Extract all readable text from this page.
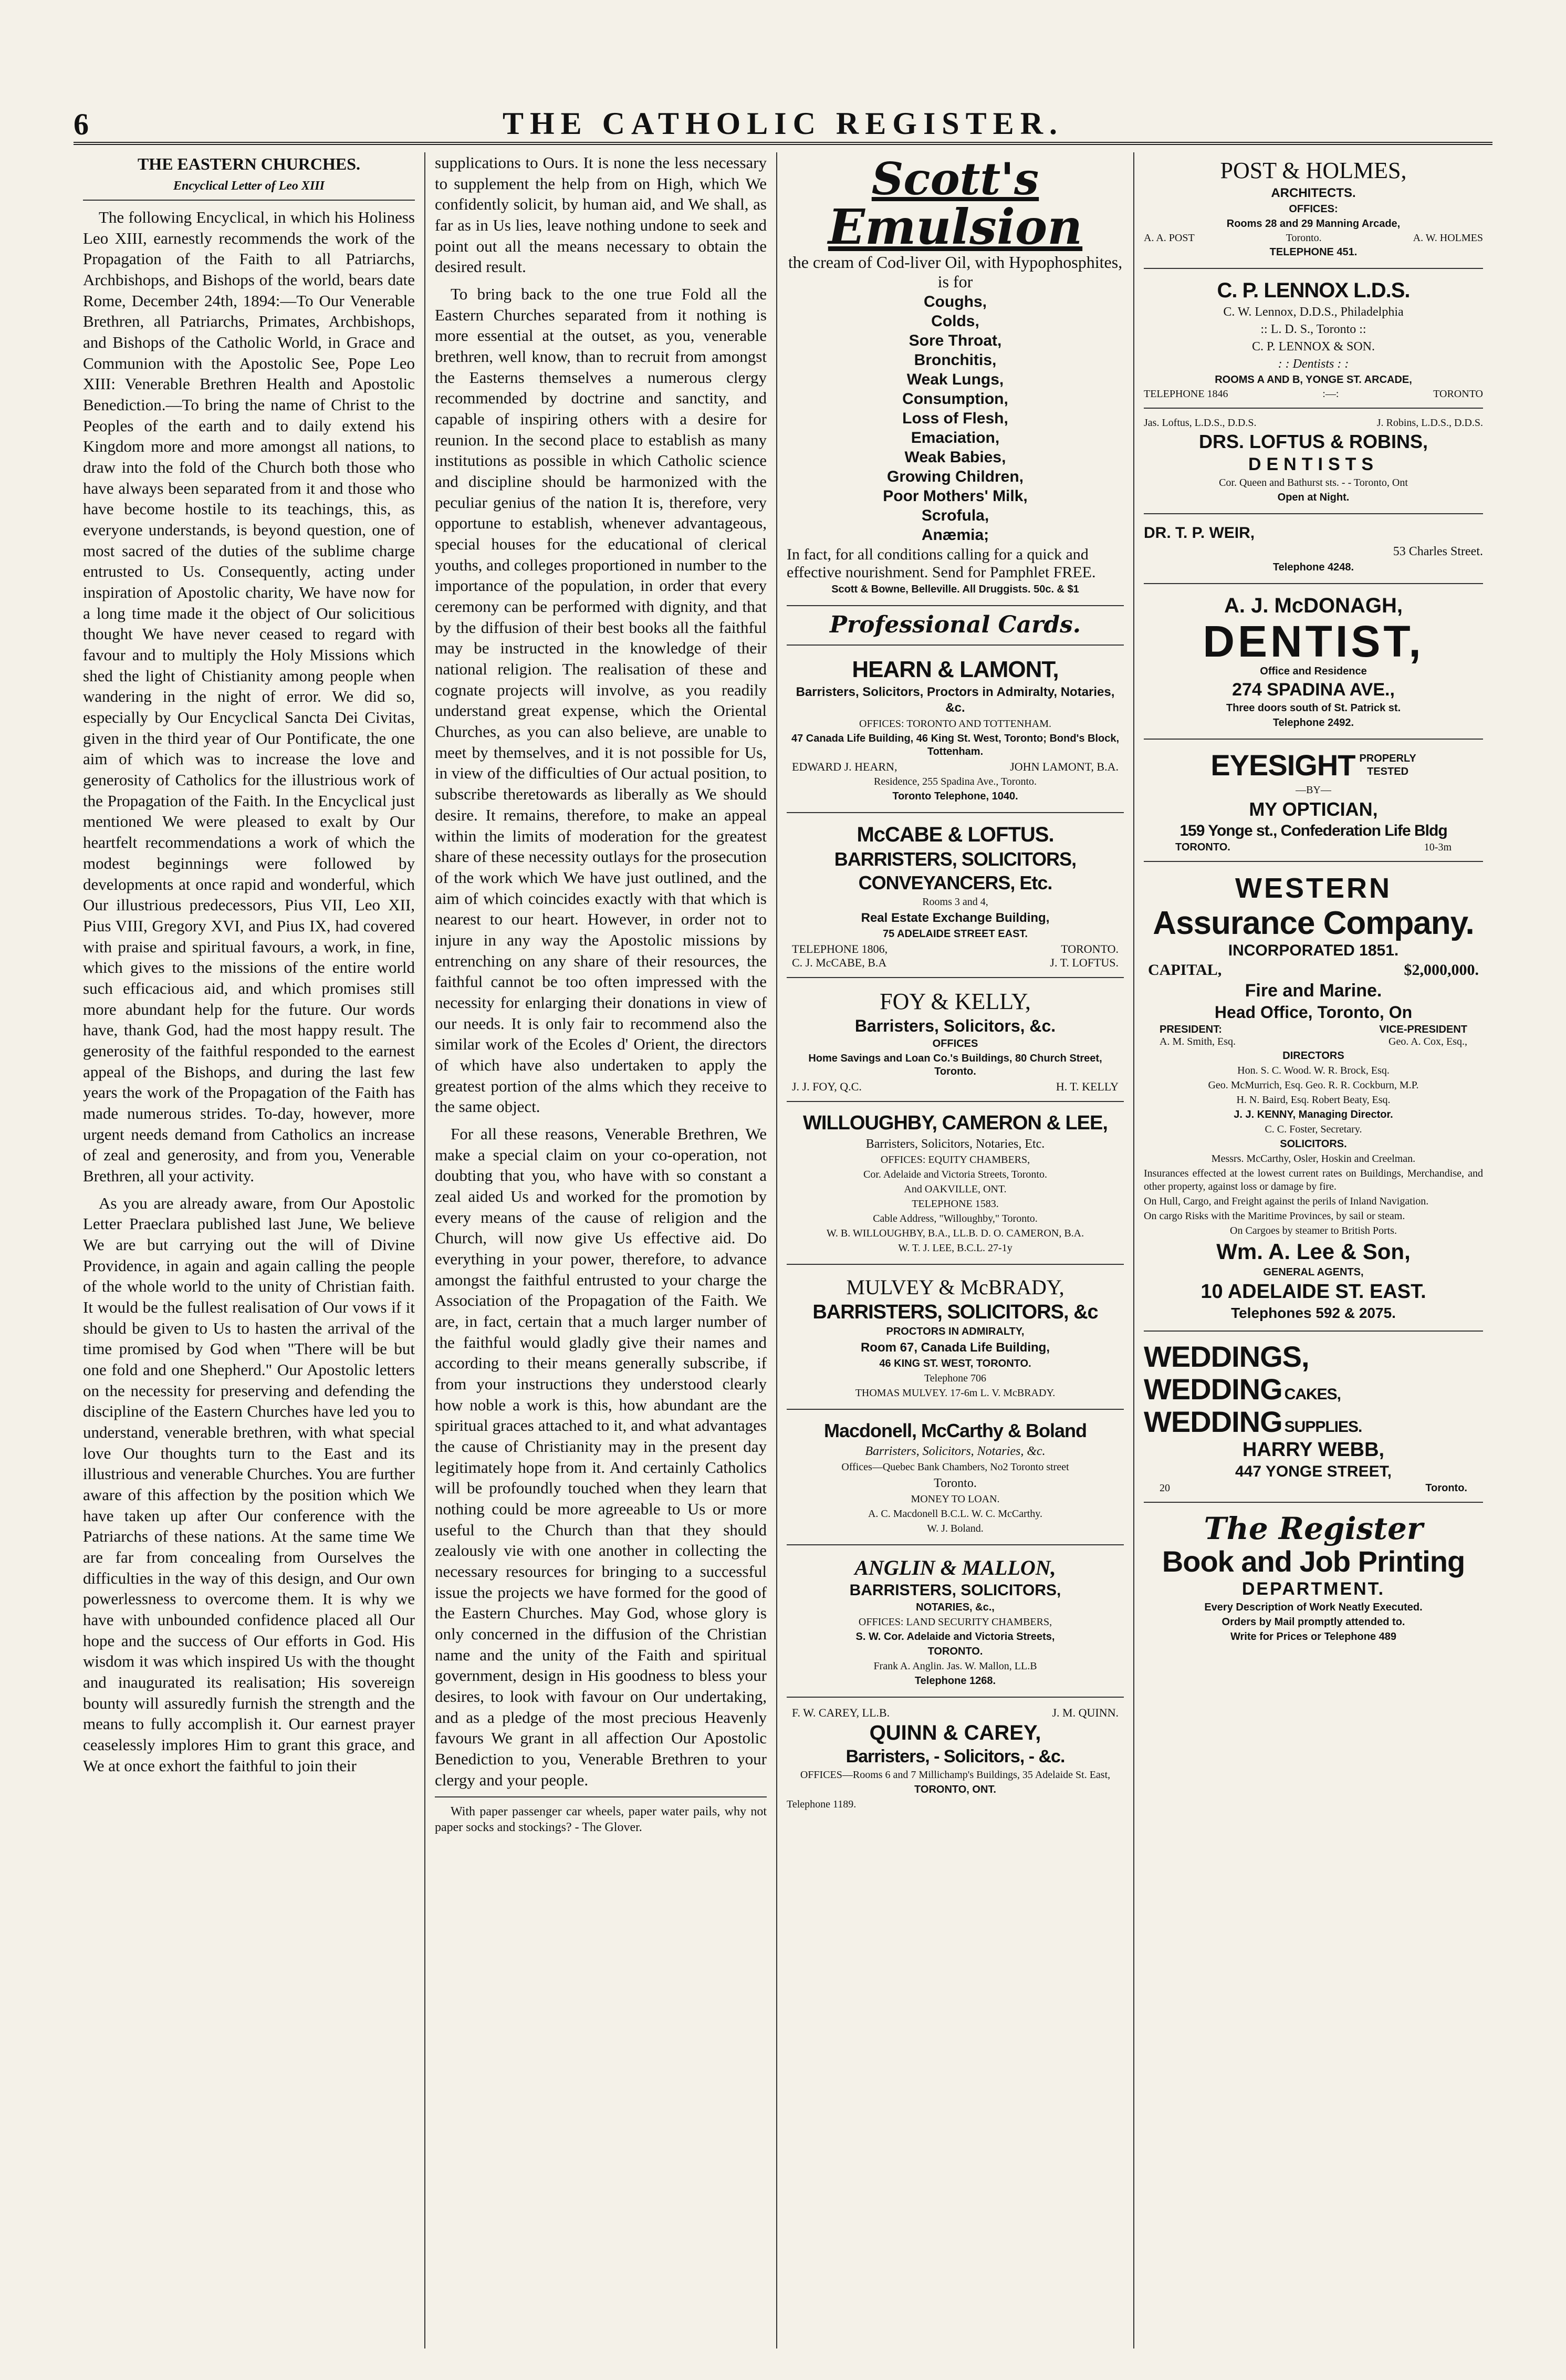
6	THE CATHOLIC REGISTER.
THE EASTERN CHURCHES.
Encyclical Letter of Leo XIII

The following Encyclical, in which his Holiness Leo XIII, earnestly recommends the work of the Propagation of the Faith to all Patriarchs, Archbishops, and Bishops of the world, bears date Rome, December 24th, 1894:—To Our Venerable Brethren, all Patriarchs, Primates, Archbishops, and Bishops of the Catholic World, in Grace and Communion with the Apostolic See, Pope Leo XIII: Venerable Brethren Health and Apostolic Benediction.—To bring the name of Christ to the Peoples of the earth and to daily extend his Kingdom more and more amongst all nations, to draw into the fold of the Church both those who have always been separated from it and those who have become hostile to its teachings, this, as everyone understands, is beyond question, one of most sacred of the duties of the sublime charge entrusted to Us. Consequently, acting under inspiration of Apostolic charity, We have now for a long time made it the object of Our solicitious thought We have never ceased to regard with favour and to multiply the Holy Missions which shed the light of Chistianity among people when wandering in the night of error. We did so, especially by Our Encyclical Sancta Dei Civitas, given in the third year of Our Pontificate, the one aim of which was to increase the love and generosity of Catholics for the illustrious work of the Propagation of the Faith. In the Encyclical just mentioned We were pleased to exalt by Our heartfelt recommendations a work of which the modest beginnings were followed by developments at once rapid and wonderful, which Our illustrious predecessors, Pius VII, Leo XII, Pius VIII, Gregory XVI, and Pius IX, had covered with praise and spiritual favours, a work, in fine, which gives to the missions of the entire world such efficacious aid, and which promises still more abundant help for the future. Our words have, thank God, had the most happy result. The generosity of the faithful responded to the earnest appeal of the Bishops, and during the last few years the work of the Propagation of the Faith has made numerous strides. To-day, however, more urgent needs demand from Catholics an increase of zeal and generosity, and from you, Venerable Brethren, all your activity.

As you are already aware, from Our Apostolic Letter Praeclara published last June, We believe We are but carrying out the will of Divine Providence, in again and again calling the people of the whole world to the unity of Christian faith. It would be the fullest realisation of Our vows if it should be given to Us to hasten the arrival of the time promised by God when "There will be but one fold and one Shepherd." Our Apostolic letters on the necessity for preserving and defending the discipline of the Eastern Churches have led you to understand, venerable brethren, with what special love Our thoughts turn to the East and its illustrious and venerable Churches. You are further aware of this affection by the position which We have taken up after Our conference with the Patriarchs of these nations. At the same time We are far from concealing from Ourselves the difficulties in the way of this design, and Our own powerlessness to overcome them. It is why we have with unbounded confidence placed all Our hope and the success of Our efforts in God. His wisdom it was which inspired Us with the thought and inaugurated its realisation; His sovereign bounty will assuredly furnish the strength and the means to fully accomplish it. Our earnest prayer ceaselessly implores Him to grant this grace, and We at once exhort the faithful to join their

supplications to Ours. It is none the less necessary to supplement the help from on High, which We confidently solicit, by human aid, and We shall, as far as in Us lies, leave nothing undone to seek and point out all the means necessary to obtain the desired result.

To bring back to the one true Fold all the Eastern Churches separated from it nothing is more essential at the outset, as you, venerable brethren, well know, than to recruit from amongst the Easterns themselves a numerous clergy recommended by doctrine and sanctity, and capable of inspiring others with a desire for reunion. In the second place to establish as many institutions as possible in which Catholic science and discipline should be harmonized with the peculiar genius of the nation It is, therefore, very opportune to establish, whenever advantageous, special houses for the educational of clerical youths, and colleges proportioned in number to the importance of the population, in order that every ceremony can be performed with dignity, and that by the diffusion of their best books all the faithful may be instructed in the knowledge of their national religion. The realisation of these and cognate projects will involve, as you readily understand great expense, which the Oriental Churches, as you can also believe, are unable to meet by themselves, and it is not possible for Us, in view of the difficulties of Our actual position, to subscribe theretowards as liberally as We should desire. It remains, therefore, to make an appeal within the limits of moderation for the greatest share of these necessity outlays for the prosecution of the work which We have just outlined, and the aim of which coincides exactly with that which is nearest to our heart. However, in order not to injure in any way the Apostolic missions by entrenching on any share of their resources, the faithful cannot be too often impressed with the necessity for enlarging their donations in view of our needs. It is only fair to recommend also the similar work of the Ecoles d' Orient, the directors of which have also undertaken to apply the greatest portion of the alms which they receive to the same object.

For all these reasons, Venerable Brethren, We make a special claim on your co-operation, not doubting that you, who have with so constant a zeal aided Us and worked for the promotion by every means of the cause of religion and the Church, will now give Us effective aid. Do everything in your power, therefore, to advance amongst the faithful entrusted to your charge the Association of the Propagation of the Faith. We are, in fact, certain that a much larger number of the faithful would gladly give their names and according to their means generally subscribe, if from your instructions they understood clearly how noble a work is this, how abundant are the spiritual graces attached to it, and what advantages the cause of Christianity may in the present day legitimately hope from it. And certainly Catholics will be profoundly touched when they learn that nothing could be more agreeable to Us or more useful to the Church than that they should zealously vie with one another in collecting the necessary resources for bringing to a successful issue the projects we have formed for the good of the Eastern Churches. May God, whose glory is only concerned in the diffusion of the Christian name and the unity of the Faith and spiritual government, design in His goodness to bless your desires, to look with favour on Our undertaking, and as a pledge of the most precious Heavenly favours We grant in all affection Our Apostolic Benediction to you, Venerable Brethren to your clergy and your people.

With paper passenger car wheels, paper water pails, why not paper socks and stockings? - The Glover.

Scott's

Emulsion

the cream of Cod-liver Oil, with Hypophosphites, is for

Coughs,

Colds,

Sore Throat,

Bronchitis,

Weak Lungs,

Consumption,

Loss of Flesh,

Emaciation,

Weak Babies,

Growing Children,

Poor Mothers' Milk,

Scrofula,

Anæmia;

In fact, for all conditions calling for a quick and effective nourishment. Send for Pamphlet FREE.

Scott & Bowne, Belleville. All Druggists. 50c. & $1

Professional Cards.

HEARN & LAMONT,

Barristers, Solicitors, Proctors in Admiralty, Notaries, &c.

OFFICES: TORONTO AND TOTTENHAM.

47 Canada Life Building, 46 King St. West, Toronto; Bond's Block, Tottenham.

EDWARD J. HEARN,	JOHN LAMONT, B.A.

Residence, 255 Spadina Ave., Toronto.

Toronto Telephone, 1040.

McCABE & LOFTUS.

BARRISTERS, SOLICITORS,

CONVEYANCERS, Etc.

Rooms 3 and 4,

Real Estate Exchange Building,

75 ADELAIDE STREET EAST.

TELEPHONE 1806,	TORONTO.
C. J. McCABE, B.A	J. T. LOFTUS.

FOY & KELLY,

Barristers, Solicitors, &c.

OFFICES

Home Savings and Loan Co.'s Buildings, 80 Church Street, Toronto.

J. J. FOY, Q.C.	H. T. KELLY

WILLOUGHBY, CAMERON & LEE,

Barristers, Solicitors, Notaries, Etc.

OFFICES: EQUITY CHAMBERS,

Cor. Adelaide and Victoria Streets, Toronto.

And OAKVILLE, ONT.

TELEPHONE 1583.

Cable Address, "Willoughby," Toronto.

W. B. WILLOUGHBY, B.A., LL.B. D. O. CAMERON, B.A.

W. T. J. LEE, B.C.L. 27-1y

MULVEY & McBRADY,

BARRISTERS, SOLICITORS, &c

PROCTORS IN ADMIRALTY,

Room 67, Canada Life Building,

46 KING ST. WEST, TORONTO.

Telephone 706

THOMAS MULVEY. 17-6m L. V. McBRADY.

Macdonell, McCarthy & Boland

Barristers, Solicitors, Notaries, &c.

Offices—Quebec Bank Chambers, No2 Toronto street

Toronto.

MONEY TO LOAN.

A. C. Macdonell B.C.L. W. C. McCarthy.

W. J. Boland.

ANGLIN & MALLON,

BARRISTERS, SOLICITORS,

NOTARIES, &c.,

OFFICES: LAND SECURITY CHAMBERS,

S. W. Cor. Adelaide and Victoria Streets,

TORONTO.

Frank A. Anglin. Jas. W. Mallon, LL.B

Telephone 1268.

F. W. CAREY, LL.B.	J. M. QUINN.

QUINN & CAREY,

Barristers, - Solicitors, - &c.

OFFICES—Rooms 6 and 7 Millichamp's Buildings, 35 Adelaide St. East,

TORONTO, ONT.

Telephone 1189.

POST & HOLMES,

ARCHITECTS.

OFFICES:

Rooms 28 and 29 Manning Arcade,

A. A. POST	Toronto.	A. W. HOLMES

TELEPHONE 451.

C. P. LENNOX L.D.S.

C. W. Lennox, D.D.S., Philadelphia

:: L. D. S., Toronto ::

C. P. LENNOX & SON.

: : Dentists : :

ROOMS A AND B, YONGE ST. ARCADE,

TELEPHONE 1846	:—:	TORONTO
Jas. Loftus, L.D.S., D.D.S.	J. Robins, L.D.S., D.D.S.

DRS. LOFTUS & ROBINS,

DENTISTS

Cor. Queen and Bathurst sts. - - Toronto, Ont

Open at Night.

DR. T. P. WEIR,

53 Charles Street.

Telephone 4248.

A. J. McDONAGH,

DENTIST,

Office and Residence

274 SPADINA AVE.,

Three doors south of St. Patrick st.

Telephone 2492.

EYESIGHT PROPERLY
TESTED

—BY—

MY OPTICIAN,

159 Yonge st., Confederation Life Bldg

TORONTO.	10-3m

WESTERN

Assurance Company.

INCORPORATED 1851.

CAPITAL,	$2,000,000.

Fire and Marine.

Head Office, Toronto, On

PRESIDENT:	VICE-PRESIDENT
A. M. Smith, Esq.	Geo. A. Cox, Esq.,

DIRECTORS

Hon. S. C. Wood. W. R. Brock, Esq.

Geo. McMurrich, Esq. Geo. R. R. Cockburn, M.P.

H. N. Baird, Esq. Robert Beaty, Esq.

J. J. KENNY, Managing Director.

C. C. Foster, Secretary.

SOLICITORS.

Messrs. McCarthy, Osler, Hoskin and Creelman.

Insurances effected at the lowest current rates on Buildings, Merchandise, and other property, against loss or damage by fire.

On Hull, Cargo, and Freight against the perils of Inland Navigation.

On cargo Risks with the Maritime Provinces, by sail or steam.

On Cargoes by steamer to British Ports.

Wm. A. Lee & Son,

GENERAL AGENTS,

10 ADELAIDE ST. EAST.

Telephones 592 & 2075.

WEDDINGS,

WEDDING CAKES,

WEDDING SUPPLIES.

HARRY WEBB,

447 YONGE STREET,

20	Toronto.

The Register

Book and Job Printing

DEPARTMENT.

Every Description of Work Neatly Executed.

Orders by Mail promptly attended to.

Write for Prices or Telephone 489
